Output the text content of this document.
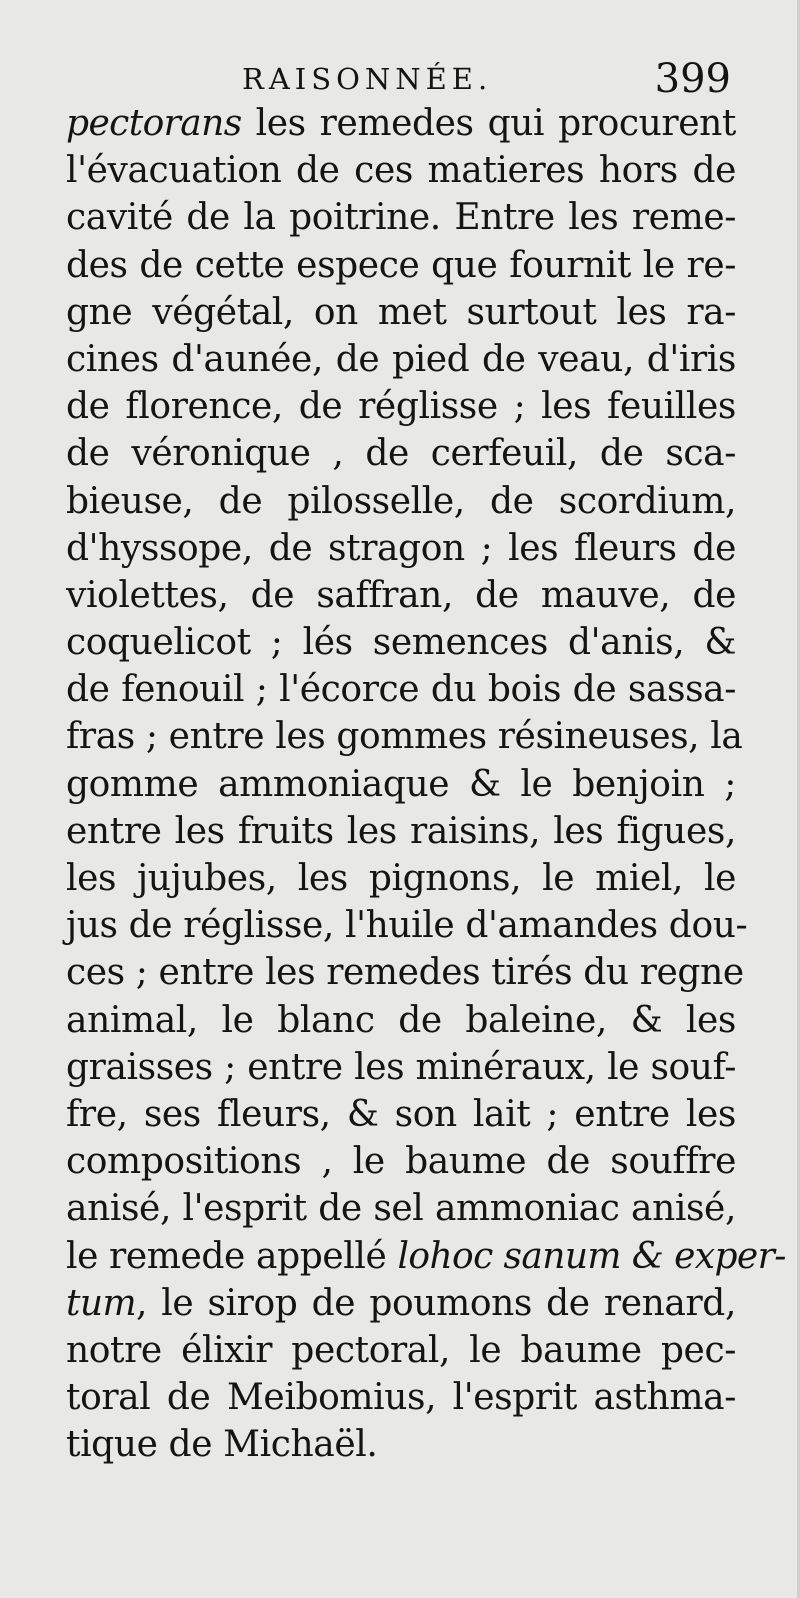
RAISONNÉE.	399
pectorans les remedes qui procurent
l'évacuation de ces matieres hors de
cavité de la poitrine. Entre les reme-
des de cette espece que fournit le re-
gne végétal, on met surtout les ra-
cines d'aunée, de pied de veau, d'iris
de florence, de réglisse ; les feuilles
de véronique , de cerfeuil, de sca-
bieuse, de pilosselle, de scordium,
d'hyssope, de stragon ; les fleurs de
violettes, de saffran, de mauve, de
coquelicot ; lés semences d'anis, &
de fenouil ; l'écorce du bois de sassa-
fras ; entre les gommes résineuses, la
gomme ammoniaque & le benjoin ;
entre les fruits les raisins, les figues,
les jujubes, les pignons, le miel, le
jus de réglisse, l'huile d'amandes dou-
ces ; entre les remedes tirés du regne
animal, le blanc de baleine, & les
graisses ; entre les minéraux, le souf-
fre, ses fleurs, & son lait ; entre les
compositions , le baume de souffre
anisé, l'esprit de sel ammoniac anisé,
le remede appellé lohoc sanum & exper-
tum, le sirop de poumons de renard,
notre élixir pectoral, le baume pec-
toral de Meibomius, l'esprit asthma-
tique de Michaël.
